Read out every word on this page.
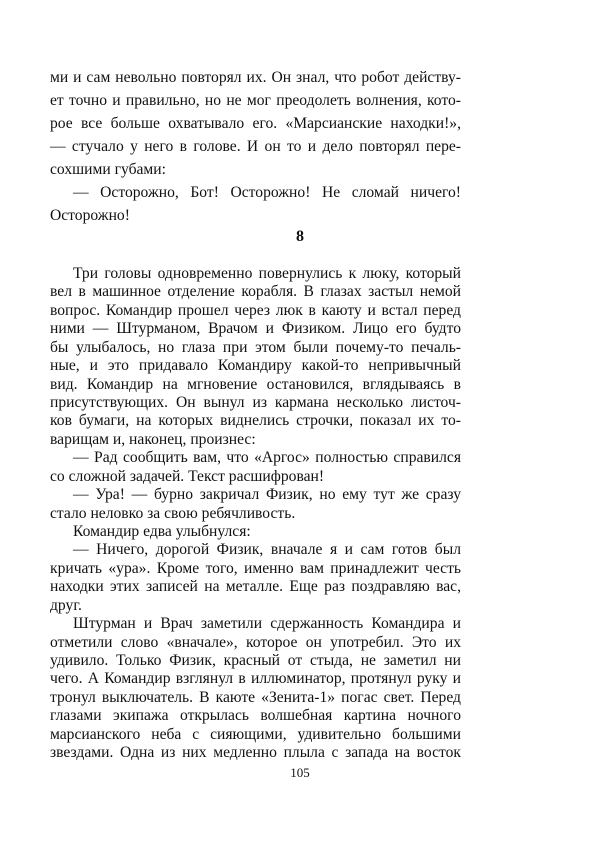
ми и сам невольно повторял их. Он знал, что робот действу-
ет точно и правильно, но не мог преодолеть волнения, кото-
рое все больше охватывало его. «Марсианские находки!»,
— стучало у него в голове. И он то и дело повторял пере-
сохшими губами:
— Осторожно, Бот! Осторожно! Не сломай ничего!
Осторожно!
8
Три головы одновременно повернулись к люку, который
вел в машинное отделение корабля. В глазах застыл немой
вопрос. Командир прошел через люк в каюту и встал перед
ними — Штурманом, Врачом и Физиком. Лицо его будто
бы улыбалось, но глаза при этом были почему-то печаль-
ные, и это придавало Командиру какой-то непривычный
вид. Командир на мгновение остановился, вглядываясь в
присутствующих. Он вынул из кармана несколько листоч-
ков бумаги, на которых виднелись строчки, показал их то-
варищам и, наконец, произнес:
— Рад сообщить вам, что «Аргос» полностью справился
со сложной задачей. Текст расшифрован!
— Ура! — бурно закричал Физик, но ему тут же сразу
стало неловко за свою ребячливость.
Командир едва улыбнулся:
— Ничего, дорогой Физик, вначале я и сам готов был
кричать «ура». Кроме того, именно вам принадлежит честь
находки этих записей на металле. Еще раз поздравляю вас,
друг.
Штурман и Врач заметили сдержанность Командира и
отметили слово «вначале», которое он употребил. Это их
удивило. Только Физик, красный от стыда, не заметил ни
чего. А Командир взглянул в иллюминатор, протянул руку и
тронул выключатель. В каюте «Зенита-1» погас свет. Перед
глазами экипажа открылась волшебная картина ночного
марсианского неба с сияющими, удивительно большими
звездами. Одна из них медленно плыла с запада на восток
105
